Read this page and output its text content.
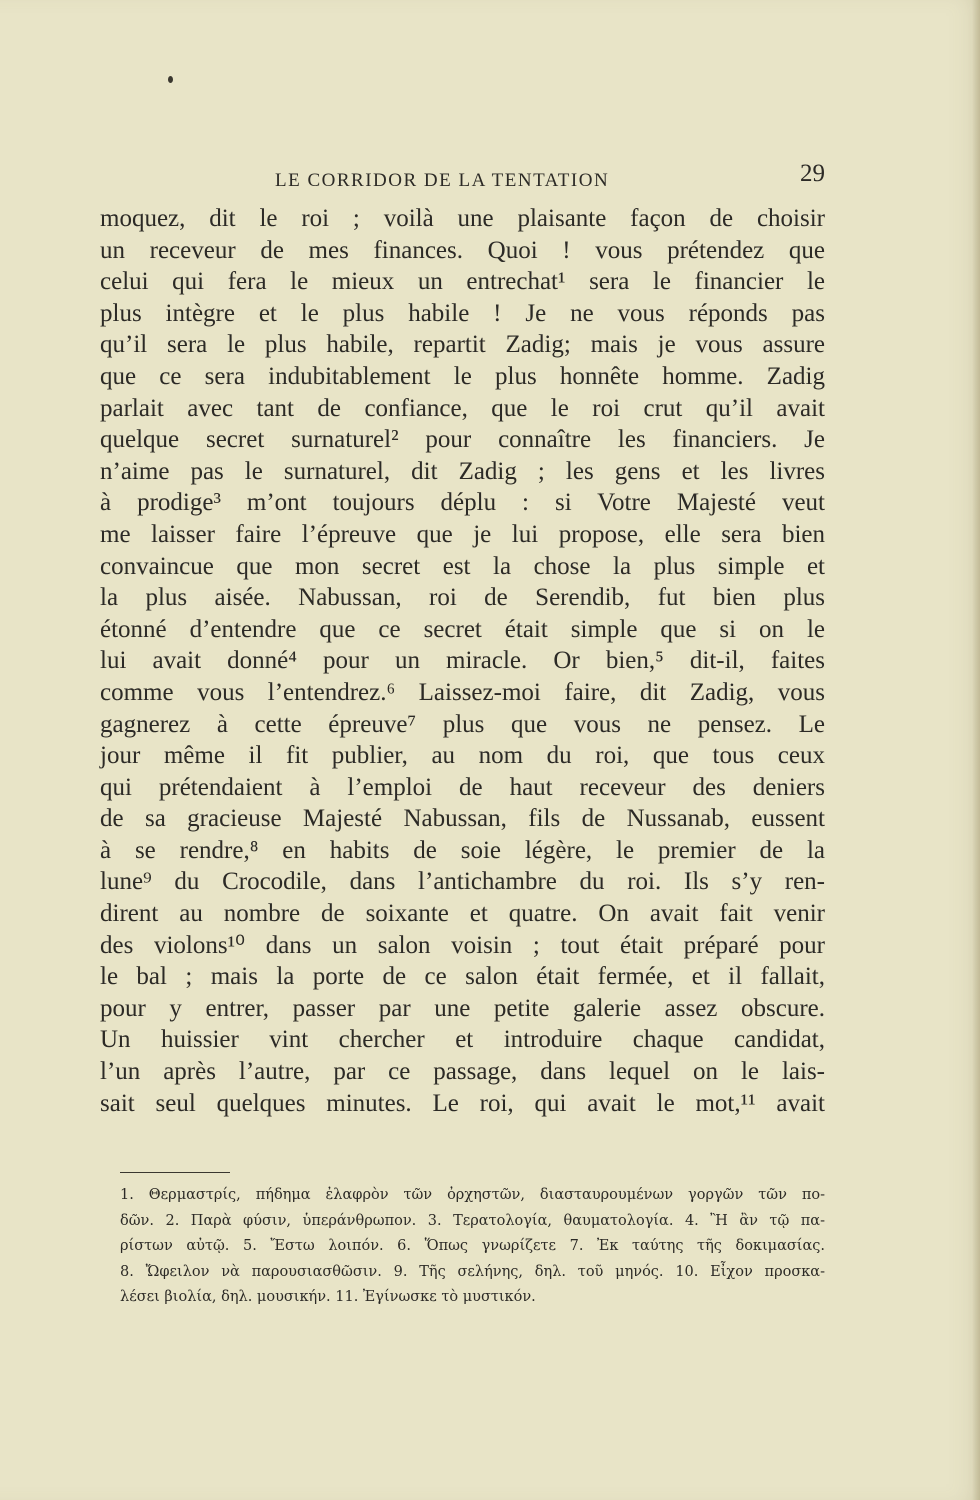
LE CORRIDOR DE LA TENTATION	29
moquez, dit le roi ; voilà une plaisante façon de choisir
un receveur de mes finances. Quoi ! vous prétendez que
celui qui fera le mieux un entrechat¹ sera le financier le
plus intègre et le plus habile ! Je ne vous réponds pas
qu’il sera le plus habile, repartit Zadig; mais je vous assure
que ce sera indubitablement le plus honnête homme. Zadig
parlait avec tant de confiance, que le roi crut qu’il avait
quelque secret surnaturel² pour connaître les financiers. Je
n’aime pas le surnaturel, dit Zadig ; les gens et les livres
à prodige³ m’ont toujours déplu : si Votre Majesté veut
me laisser faire l’épreuve que je lui propose, elle sera bien
convaincue que mon secret est la chose la plus simple et
la plus aisée. Nabussan, roi de Serendib, fut bien plus
étonné d’entendre que ce secret était simple que si on le
lui avait donné⁴ pour un miracle. Or bien,⁵ dit-il, faites
comme vous l’entendrez.⁶ Laissez-moi faire, dit Zadig, vous
gagnerez à cette épreuve⁷ plus que vous ne pensez. Le
jour même il fit publier, au nom du roi, que tous ceux
qui prétendaient à l’emploi de haut receveur des deniers
de sa gracieuse Majesté Nabussan, fils de Nussanab, eussent
à se rendre,⁸ en habits de soie légère, le premier de la
lune⁹ du Crocodile, dans l’antichambre du roi. Ils s’y ren-
dirent au nombre de soixante et quatre. On avait fait venir
des violons¹⁰ dans un salon voisin ; tout était préparé pour
le bal ; mais la porte de ce salon était fermée, et il fallait,
pour y entrer, passer par une petite galerie assez obscure.
Un huissier vint chercher et introduire chaque candidat,
l’un après l’autre, par ce passage, dans lequel on le lais-
sait seul quelques minutes. Le roi, qui avait le mot,¹¹ avait
1. Θερμαστρίς, πήδημα ἐλαφρὸν τῶν ὀρχηστῶν, διασταυρουμένων γοργῶν τῶν πο-
δῶν. 2. Παρὰ φύσιν, ὑπεράνθρωπον. 3. Τερατολογία, θαυματολογία. 4. Ἢ ἂν τῷ πα-
ρίστων αὐτῷ. 5. Ἔστω λοιπόν. 6. Ὅπως γνωρίζετε 7. Ἐκ ταύτης τῆς δοκιμασίας.
8. Ὤφειλον νὰ παρουσιασθῶσιν. 9. Τῆς σελήνης, δηλ. τοῦ μηνός. 10. Εἶχον προσκα-
λέσει βιολία, δηλ. μουσικήν. 11. Ἐγίνωσκε τὸ μυστικόν.
